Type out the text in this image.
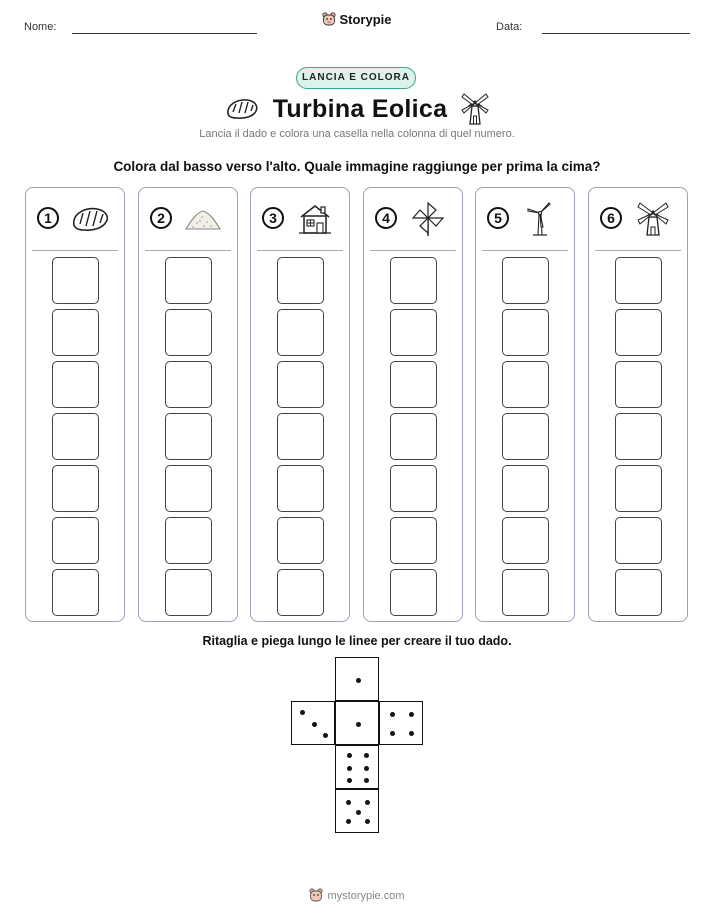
Nome:	Storypie	Data:
LANCIA E COLORA
Turbina Eolica
Lancia il dado e colora una casella nella colonna di quel numero.
Colora dal basso verso l'alto. Quale immagine raggiunge per prima la cima?
1	2	3	4	5	6
Ritaglia e piega lungo le linee per creare il tuo dado.
mystorypie.com
